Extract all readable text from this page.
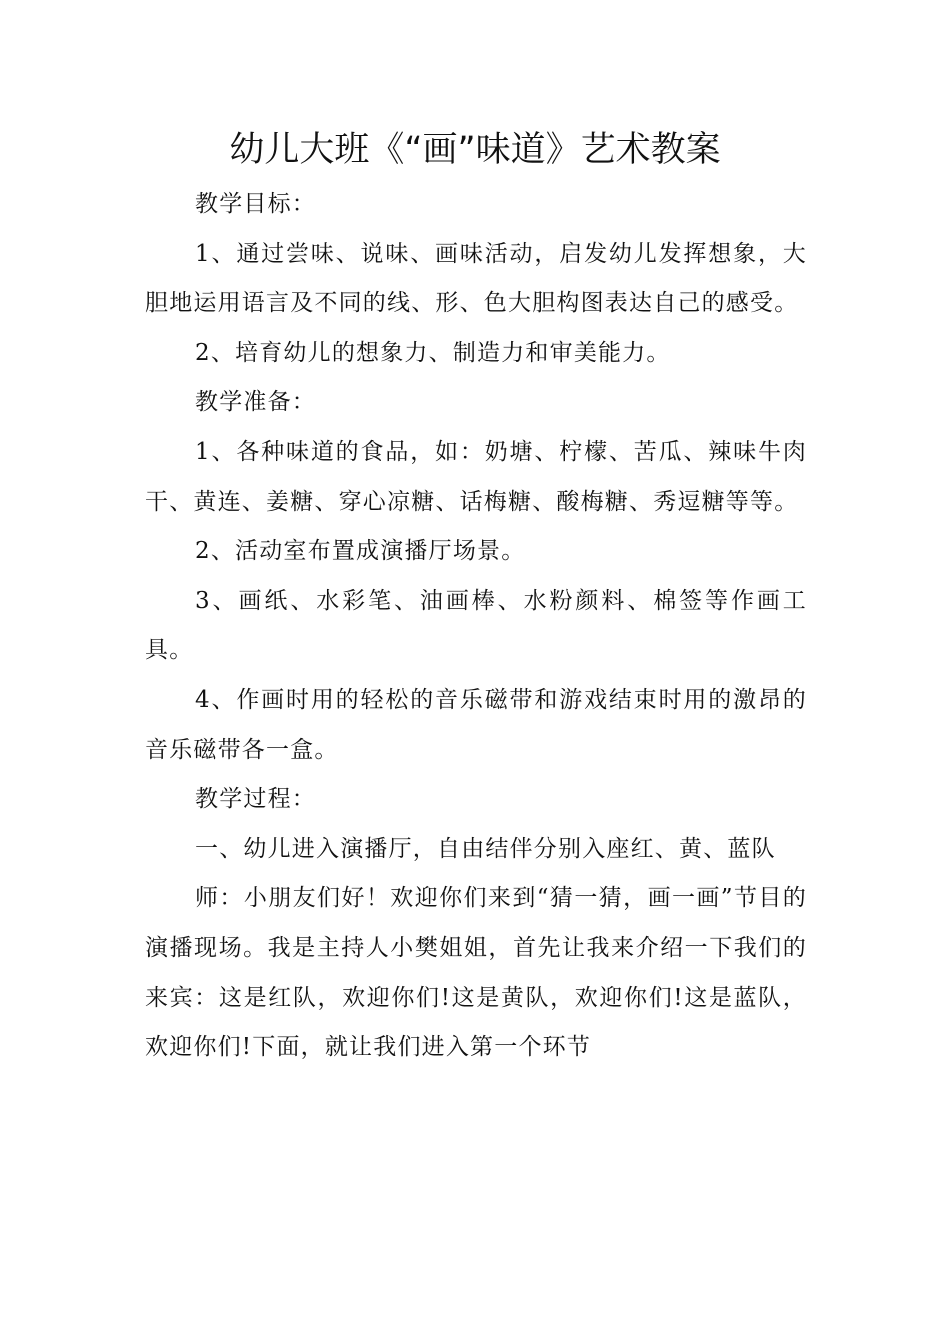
幼儿大班《“画”味道》艺术教案

教学目标：

1、通过尝味、说味、画味活动，启发幼儿发挥想象，大胆地运用语言及不同的线、形、色大胆构图表达自己的感受。

2、培育幼儿的想象力、制造力和审美能力。

教学准备：

1、各种味道的食品，如：奶塘、柠檬、苦瓜、辣味牛肉干、黄连、姜糖、穿心凉糖、话梅糖、酸梅糖、秀逗糖等等。

2、活动室布置成演播厅场景。

3、画纸、水彩笔、油画棒、水粉颜料、棉签等作画工具。

4、作画时用的轻松的音乐磁带和游戏结束时用的激昂的音乐磁带各一盒。

教学过程：

一、幼儿进入演播厅，自由结伴分别入座红、黄、蓝队

师：小朋友们好！欢迎你们来到“猜一猜，画一画”节目的演播现场。我是主持人小樊姐姐，首先让我来介绍一下我们的来宾：这是红队，欢迎你们!这是黄队，欢迎你们!这是蓝队，欢迎你们!下面，就让我们进入第一个环节
